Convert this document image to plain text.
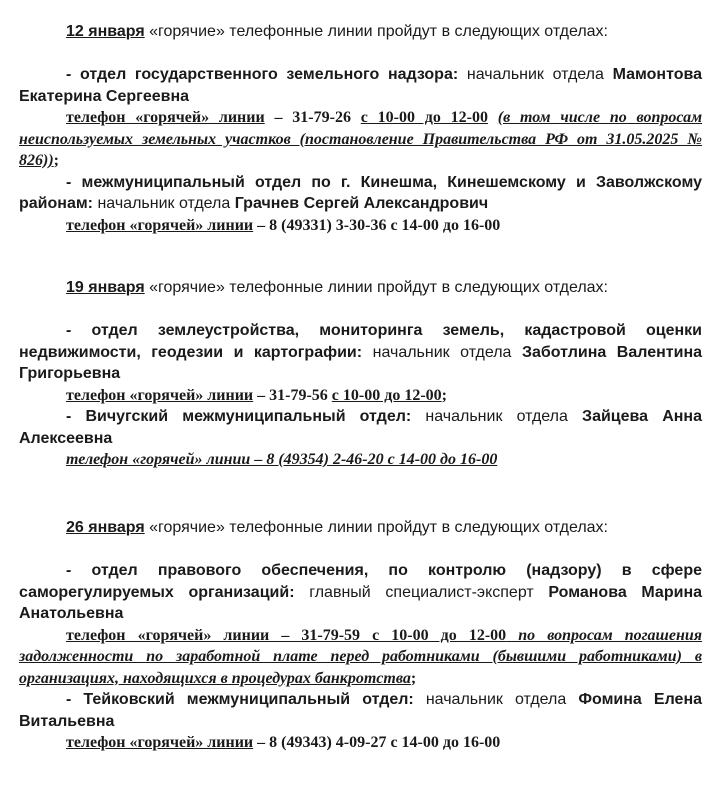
12 января «горячие» телефонные линии пройдут в следующих отделах:

- отдел государственного земельного надзора: начальник отдела Мамонтова Екатерина Сергеевна

телефон «горячей» линии – 31-79-26 с 10-00 до 12-00 (в том числе по вопросам неиспользуемых земельных участков (постановление Правительства РФ от 31.05.2025 № 826));

- межмуниципальный отдел по г. Кинешма, Кинешемскому и Заволжскому районам: начальник отдела Грачнев Сергей Александрович

телефон «горячей» линии – 8 (49331) 3-30-36 с 14-00 до 16-00

19 января «горячие» телефонные линии пройдут в следующих отделах:

- отдел землеустройства, мониторинга земель, кадастровой оценки недвижимости, геодезии и картографии: начальник отдела Заботлина Валентина Григорьевна

телефон «горячей» линии – 31-79-56 с 10-00 до 12-00;

- Вичугский межмуниципальный отдел: начальник отдела Зайцева Анна Алексеевна

телефон «горячей» линии – 8 (49354) 2-46-20 с 14-00 до 16-00

26 января «горячие» телефонные линии пройдут в следующих отделах:

- отдел правового обеспечения, по контролю (надзору) в сфере саморегулируемых организаций: главный специалист-эксперт Романова Марина Анатольевна

телефон «горячей» линии – 31-79-59 с 10-00 до 12-00 по вопросам погашения задолженности по заработной плате перед работниками (бывшими работниками) в организациях, находящихся в процедурах банкротства;

- Тейковский межмуниципальный отдел: начальник отдела Фомина Елена Витальевна

телефон «горячей» линии – 8 (49343) 4-09-27 с 14-00 до 16-00
